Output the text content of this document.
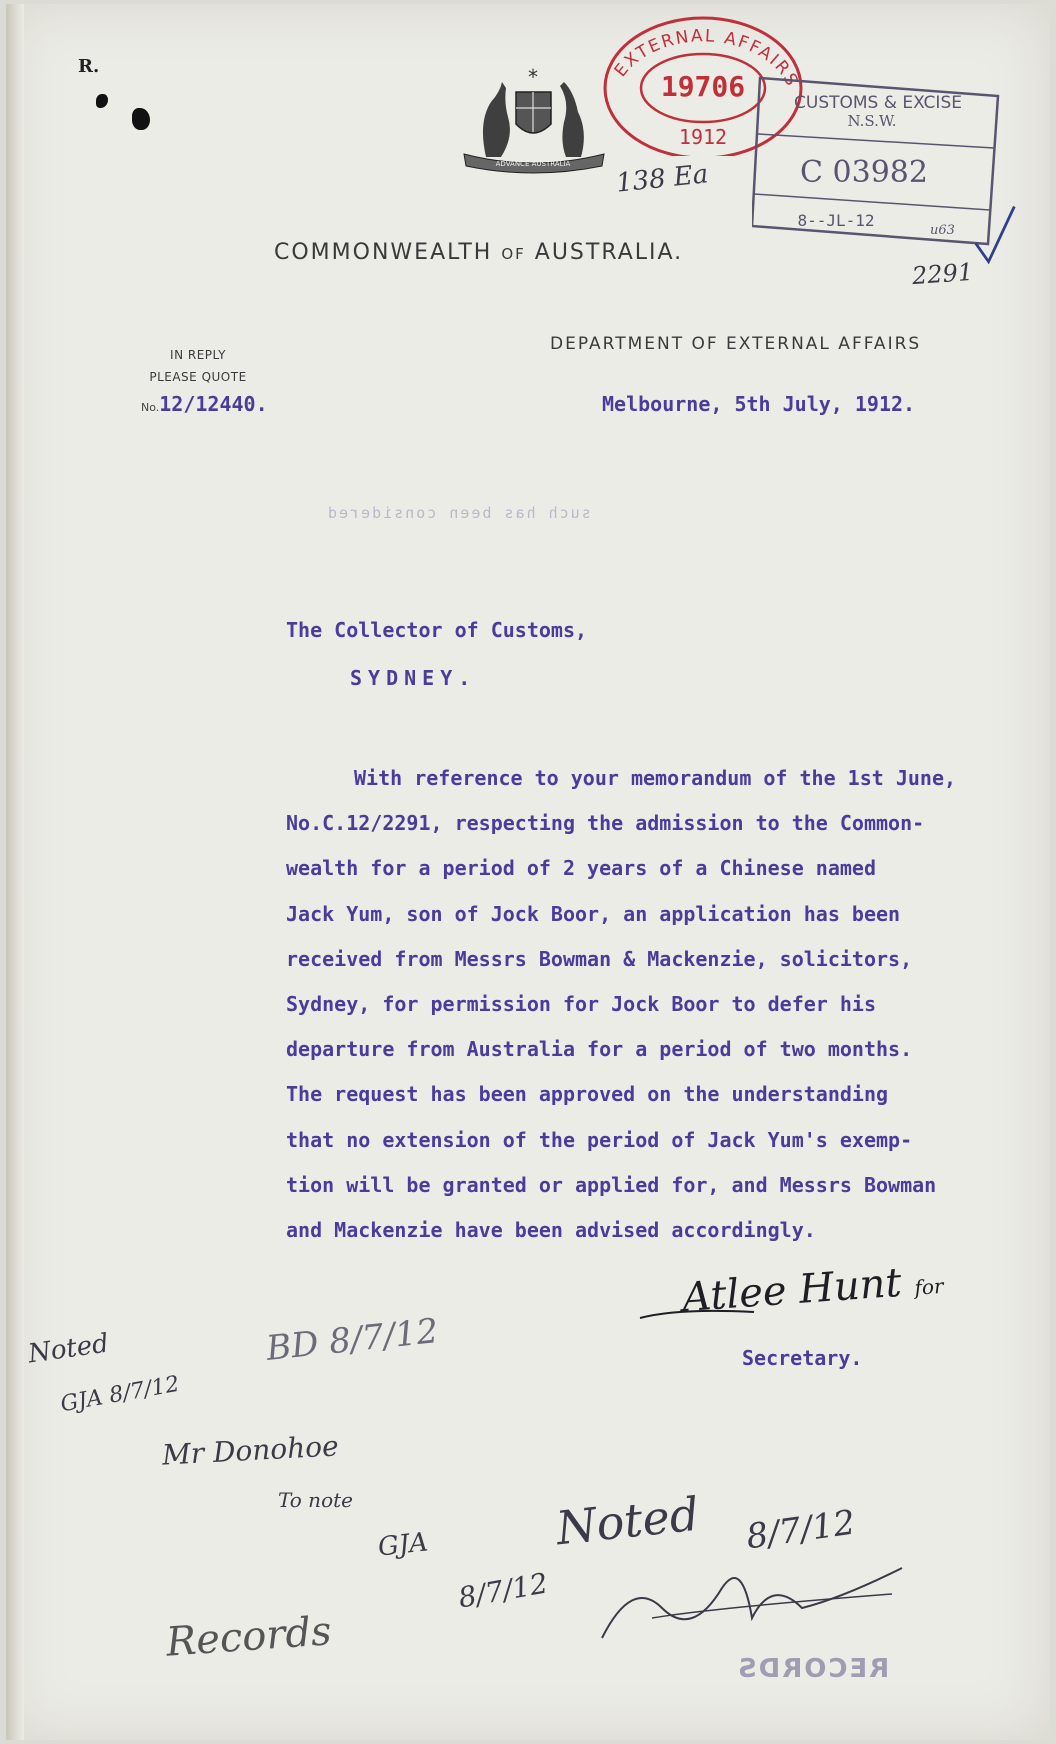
R.	*
ADVANCE AUSTRALIA
COMMONWEALTH OF AUSTRALIA.
EXTERNAL AFFAIRS
19706
1912
CUSTOMS & EXCISE
N.S.W.
C 03982
8--JL-12
u63
138 Ea
2291
IN REPLY
PLEASE QUOTE
No.12/12440.
DEPARTMENT OF EXTERNAL AFFAIRS
Melbourne, 5th July, 1912.
such has been considered
The Collector of Customs,
SYDNEY.
With reference to your memorandum of the 1st June,
No.C.12/2291, respecting the admission to the Common-
wealth for a period of 2 years of a Chinese named
Jack Yum, son of Jock Boor, an application has been
received from Messrs Bowman & Mackenzie, solicitors,
Sydney, for permission for Jock Boor to defer his
departure from Australia for a period of two months.
The request has been approved on the understanding
that no extension of the period of Jack Yum's exemp-
tion will be granted or applied for, and Messrs Bowman
and Mackenzie have been advised accordingly.
Atlee Hunt for
Secretary.
Noted
GJA 8/7/12
BD 8/7/12
Mr Donohoe
To note
GJA
8/7/12
Noted 8/7/12
Records
RECORDS
